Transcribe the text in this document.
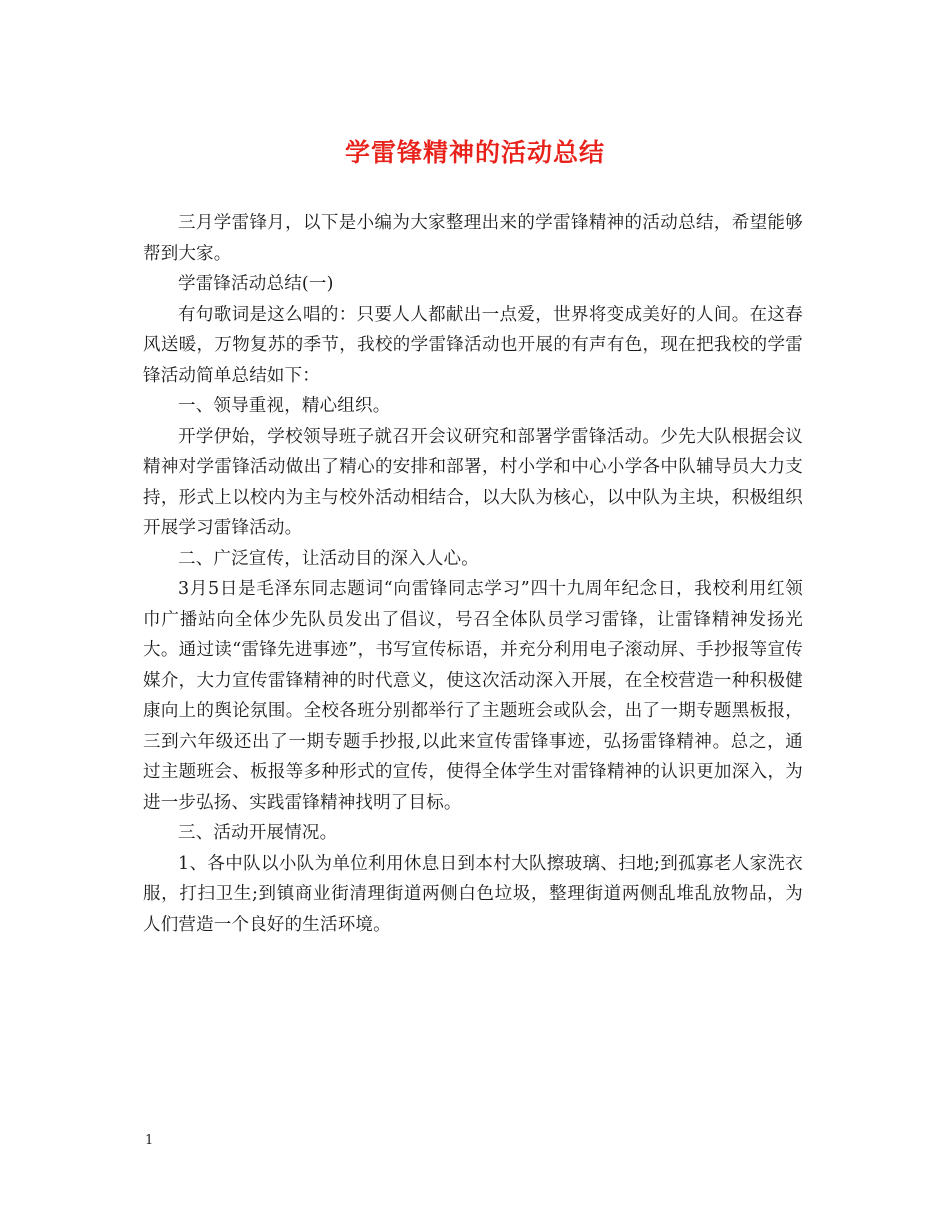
学雷锋精神的活动总结

三月学雷锋月，以下是小编为大家整理出来的学雷锋精神的活动总结，希望能够帮到大家。

学雷锋活动总结(一)

有句歌词是这么唱的：只要人人都献出一点爱，世界将变成美好的人间。在这春风送暖，万物复苏的季节，我校的学雷锋活动也开展的有声有色，现在把我校的学雷锋活动简单总结如下：

一、领导重视，精心组织。

开学伊始，学校领导班子就召开会议研究和部署学雷锋活动。少先大队根据会议精神对学雷锋活动做出了精心的安排和部署，村小学和中心小学各中队辅导员大力支持，形式上以校内为主与校外活动相结合，以大队为核心，以中队为主块，积极组织开展学习雷锋活动。

二、广泛宣传，让活动目的深入人心。

3月5日是毛泽东同志题词“向雷锋同志学习”四十九周年纪念日，我校利用红领巾广播站向全体少先队员发出了倡议，号召全体队员学习雷锋，让雷锋精神发扬光大。通过读“雷锋先进事迹”，书写宣传标语，并充分利用电子滚动屏、手抄报等宣传媒介，大力宣传雷锋精神的时代意义，使这次活动深入开展，在全校营造一种积极健康向上的舆论氛围。全校各班分别都举行了主题班会或队会，出了一期专题黑板报，三到六年级还出了一期专题手抄报,以此来宣传雷锋事迹，弘扬雷锋精神。总之，通过主题班会、板报等多种形式的宣传，使得全体学生对雷锋精神的认识更加深入，为进一步弘扬、实践雷锋精神找明了目标。

三、活动开展情况。

1、各中队以小队为单位利用休息日到本村大队擦玻璃、扫地;到孤寡老人家洗衣服，打扫卫生;到镇商业街清理街道两侧白色垃圾，整理街道两侧乱堆乱放物品，为人们营造一个良好的生活环境。

1
